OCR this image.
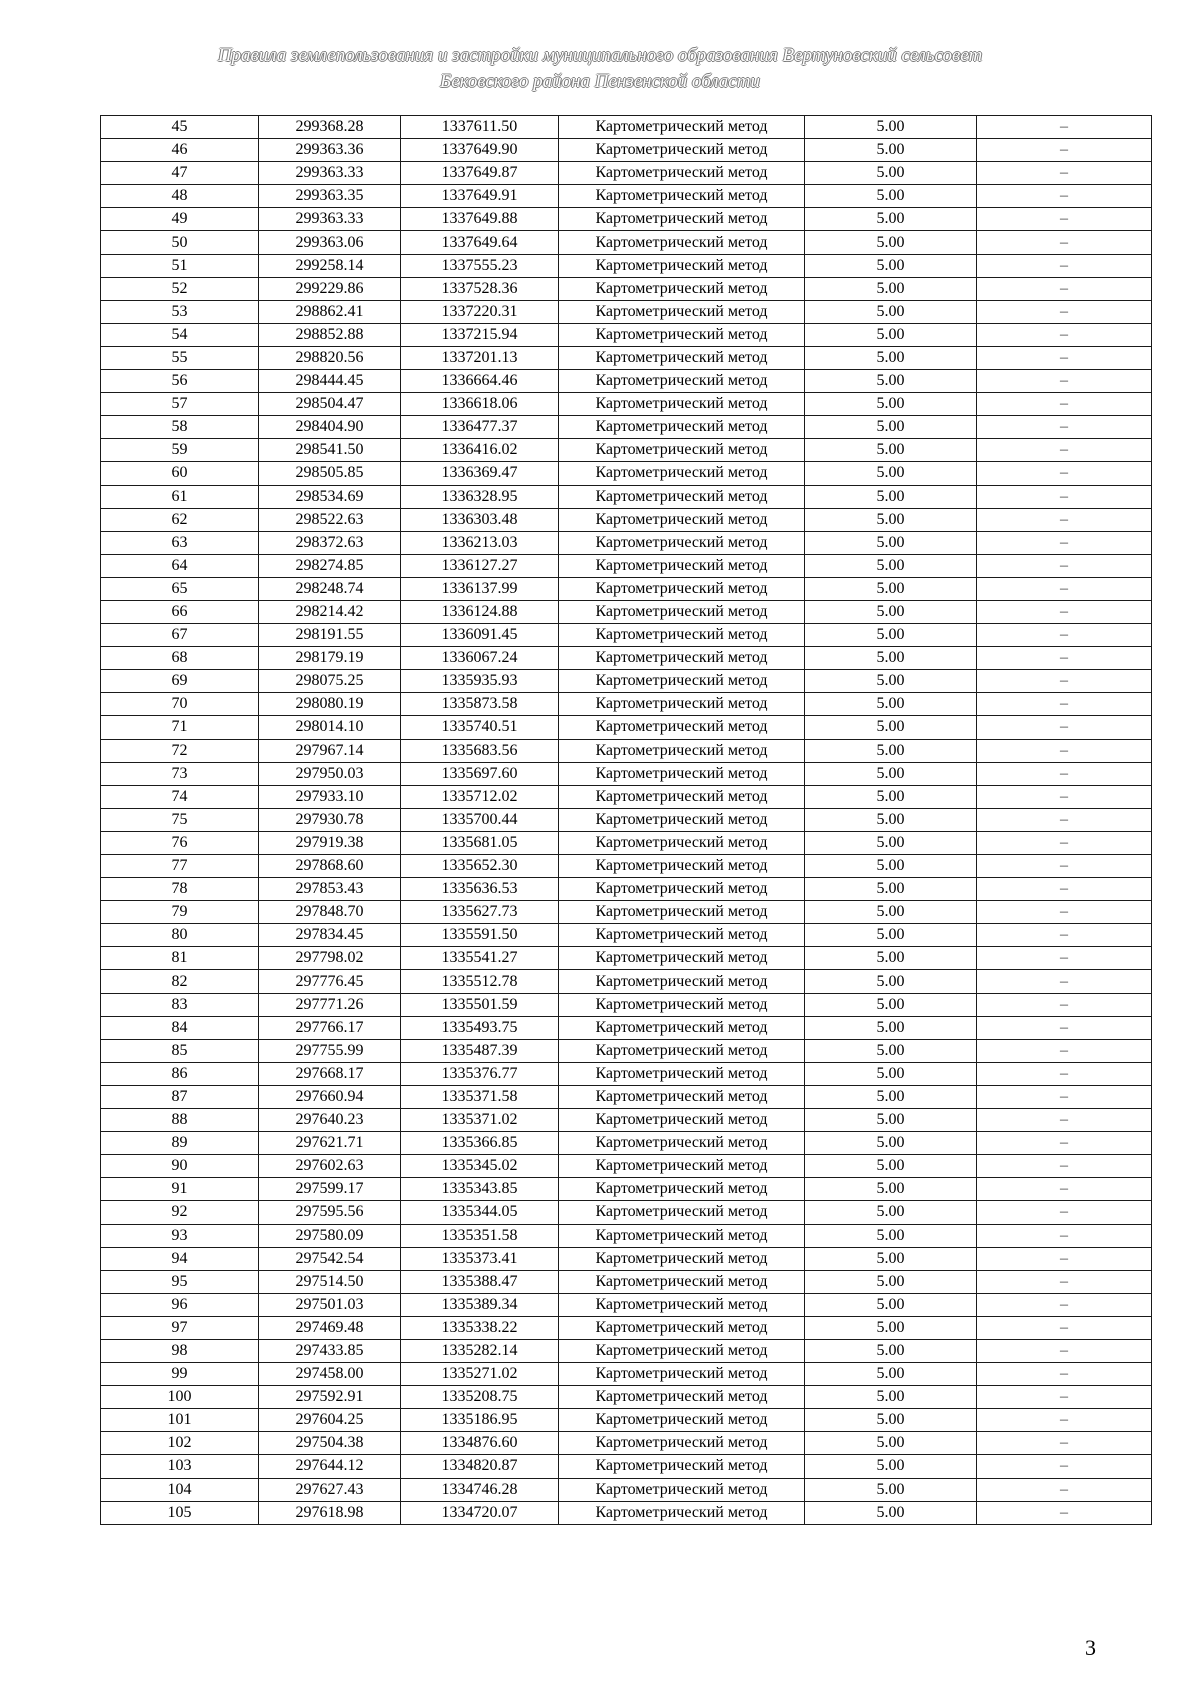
Правила землепользования и застройки муниципального образования Вертуновский сельсовет
Бековского района Пензенской области
45	299368.28	1337611.50	Картометрический метод	5.00	–
46	299363.36	1337649.90	Картометрический метод	5.00	–
47	299363.33	1337649.87	Картометрический метод	5.00	–
48	299363.35	1337649.91	Картометрический метод	5.00	–
49	299363.33	1337649.88	Картометрический метод	5.00	–
50	299363.06	1337649.64	Картометрический метод	5.00	–
51	299258.14	1337555.23	Картометрический метод	5.00	–
52	299229.86	1337528.36	Картометрический метод	5.00	–
53	298862.41	1337220.31	Картометрический метод	5.00	–
54	298852.88	1337215.94	Картометрический метод	5.00	–
55	298820.56	1337201.13	Картометрический метод	5.00	–
56	298444.45	1336664.46	Картометрический метод	5.00	–
57	298504.47	1336618.06	Картометрический метод	5.00	–
58	298404.90	1336477.37	Картометрический метод	5.00	–
59	298541.50	1336416.02	Картометрический метод	5.00	–
60	298505.85	1336369.47	Картометрический метод	5.00	–
61	298534.69	1336328.95	Картометрический метод	5.00	–
62	298522.63	1336303.48	Картометрический метод	5.00	–
63	298372.63	1336213.03	Картометрический метод	5.00	–
64	298274.85	1336127.27	Картометрический метод	5.00	–
65	298248.74	1336137.99	Картометрический метод	5.00	–
66	298214.42	1336124.88	Картометрический метод	5.00	–
67	298191.55	1336091.45	Картометрический метод	5.00	–
68	298179.19	1336067.24	Картометрический метод	5.00	–
69	298075.25	1335935.93	Картометрический метод	5.00	–
70	298080.19	1335873.58	Картометрический метод	5.00	–
71	298014.10	1335740.51	Картометрический метод	5.00	–
72	297967.14	1335683.56	Картометрический метод	5.00	–
73	297950.03	1335697.60	Картометрический метод	5.00	–
74	297933.10	1335712.02	Картометрический метод	5.00	–
75	297930.78	1335700.44	Картометрический метод	5.00	–
76	297919.38	1335681.05	Картометрический метод	5.00	–
77	297868.60	1335652.30	Картометрический метод	5.00	–
78	297853.43	1335636.53	Картометрический метод	5.00	–
79	297848.70	1335627.73	Картометрический метод	5.00	–
80	297834.45	1335591.50	Картометрический метод	5.00	–
81	297798.02	1335541.27	Картометрический метод	5.00	–
82	297776.45	1335512.78	Картометрический метод	5.00	–
83	297771.26	1335501.59	Картометрический метод	5.00	–
84	297766.17	1335493.75	Картометрический метод	5.00	–
85	297755.99	1335487.39	Картометрический метод	5.00	–
86	297668.17	1335376.77	Картометрический метод	5.00	–
87	297660.94	1335371.58	Картометрический метод	5.00	–
88	297640.23	1335371.02	Картометрический метод	5.00	–
89	297621.71	1335366.85	Картометрический метод	5.00	–
90	297602.63	1335345.02	Картометрический метод	5.00	–
91	297599.17	1335343.85	Картометрический метод	5.00	–
92	297595.56	1335344.05	Картометрический метод	5.00	–
93	297580.09	1335351.58	Картометрический метод	5.00	–
94	297542.54	1335373.41	Картометрический метод	5.00	–
95	297514.50	1335388.47	Картометрический метод	5.00	–
96	297501.03	1335389.34	Картометрический метод	5.00	–
97	297469.48	1335338.22	Картометрический метод	5.00	–
98	297433.85	1335282.14	Картометрический метод	5.00	–
99	297458.00	1335271.02	Картометрический метод	5.00	–
100	297592.91	1335208.75	Картометрический метод	5.00	–
101	297604.25	1335186.95	Картометрический метод	5.00	–
102	297504.38	1334876.60	Картометрический метод	5.00	–
103	297644.12	1334820.87	Картометрический метод	5.00	–
104	297627.43	1334746.28	Картометрический метод	5.00	–
105	297618.98	1334720.07	Картометрический метод	5.00	–
3
